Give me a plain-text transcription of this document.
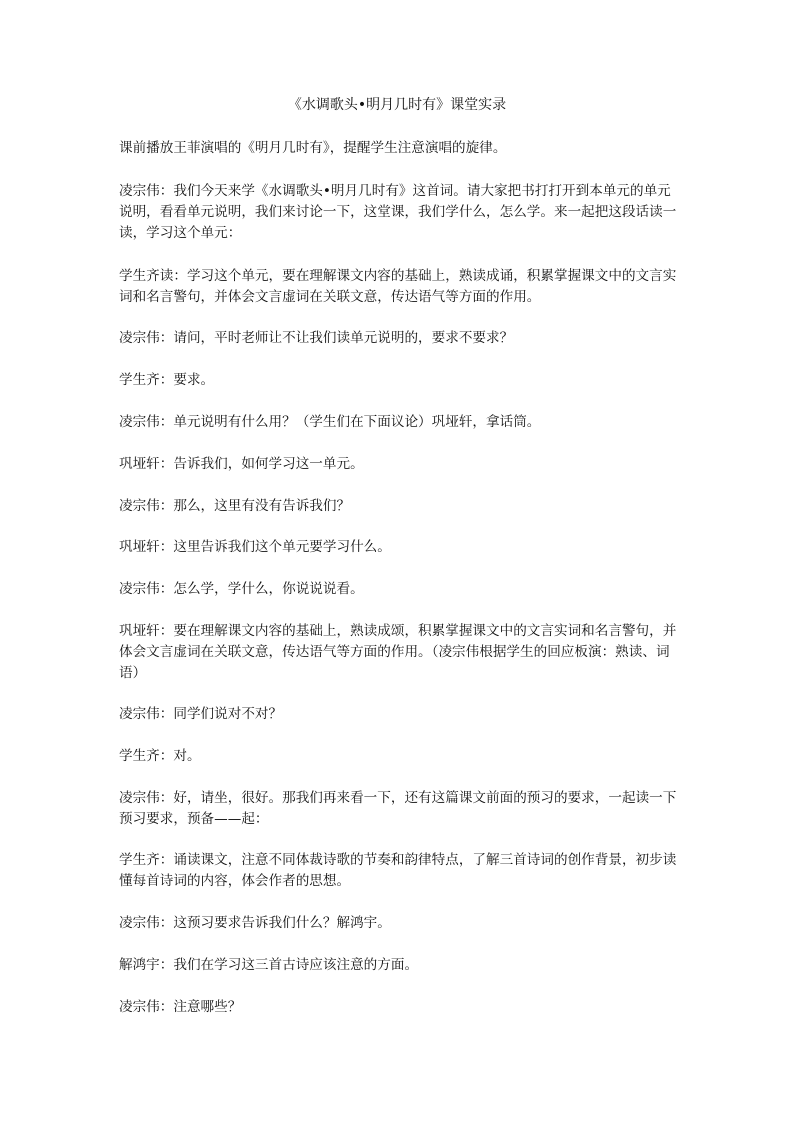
《水调歌头•明月几时有》课堂实录
课前播放王菲演唱的《明月几时有》，提醒学生注意演唱的旋律。
凌宗伟：我们今天来学《水调歌头•明月几时有》这首词。请大家把书打打开到本单元的单元说明，看看单元说明，我们来讨论一下，这堂课，我们学什么，怎么学。来一起把这段话读一读，学习这个单元：
学生齐读：学习这个单元，要在理解课文内容的基础上，熟读成诵，积累掌握课文中的文言实词和名言警句，并体会文言虚词在关联文意，传达语气等方面的作用。
凌宗伟：请问，平时老师让不让我们读单元说明的，要求不要求？
学生齐：要求。
凌宗伟：单元说明有什么用？（学生们在下面议论）巩垭轩，拿话筒。
巩垭轩：告诉我们，如何学习这一单元。
凌宗伟：那么，这里有没有告诉我们？
巩垭轩：这里告诉我们这个单元要学习什么。
凌宗伟：怎么学，学什么，你说说说看。
巩垭轩：要在理解课文内容的基础上，熟读成颂，积累掌握课文中的文言实词和名言警句，并体会文言虚词在关联文意，传达语气等方面的作用。（凌宗伟根据学生的回应板演：熟读、词语）
凌宗伟：同学们说对不对？
学生齐：对。
凌宗伟：好，请坐，很好。那我们再来看一下，还有这篇课文前面的预习的要求，一起读一下预习要求，预备——起：
学生齐：诵读课文，注意不同体裁诗歌的节奏和韵律特点，了解三首诗词的创作背景，初步读懂每首诗词的内容，体会作者的思想。
凌宗伟：这预习要求告诉我们什么？解鸿宇。
解鸿宇：我们在学习这三首古诗应该注意的方面。
凌宗伟：注意哪些？
